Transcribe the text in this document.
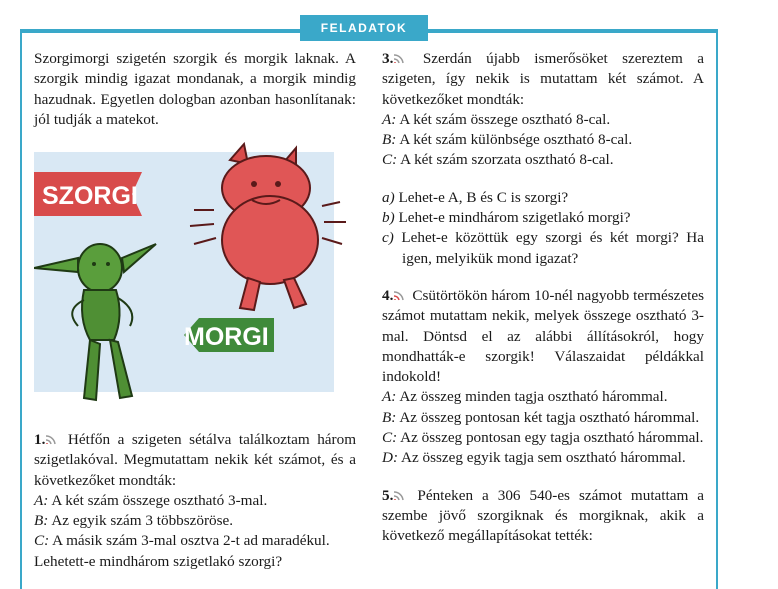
FELADATOK

Szorgimorgi szigetén szorgik és morgik laknak. A szorgik mindig igazat mondanak, a morgik mindig hazudnak. Egyetlen dologban azonban hasonlítanak: jól tudják a matekot.

SZORGI
MORGI

1. Hétfőn a szigeten sétálva találkoztam három szigetlakóval. Megmutattam nekik két számot, és a következőket mondták:

A: A két szám összege osztható 3-mal.

B: Az egyik szám 3 többszöröse.

C: A másik szám 3-mal osztva 2-t ad maradékul.

Lehetett-e mindhárom szigetlakó szorgi?

3. Szerdán újabb ismerősöket szereztem a szigeten, így nekik is mutattam két számot. A következőket mondták:

A: A két szám összege osztható 8-cal.

B: A két szám különbsége osztható 8-cal.

C: A két szám szorzata osztható 8-cal.

a) Lehet-e A, B és C is szorgi?

b) Lehet-e mindhárom szigetlakó morgi?

c) Lehet-e közöttük egy szorgi és két morgi? Ha igen, melyikük mond igazat?

4. Csütörtökön három 10-nél nagyobb természetes számot mutattam nekik, melyek összege osztható 3-mal. Döntsd el az alábbi állításokról, hogy mondhatták-e szorgik! Válaszaidat példákkal indokold!

A: Az összeg minden tagja osztható hárommal.

B: Az összeg pontosan két tagja osztható hárommal.

C: Az összeg pontosan egy tagja osztható hárommal.

D: Az összeg egyik tagja sem osztható hárommal.

5. Pénteken a 306 540-es számot mutattam a szembe jövő szorgiknak és morgiknak, akik a következő megállapításokat tették:
